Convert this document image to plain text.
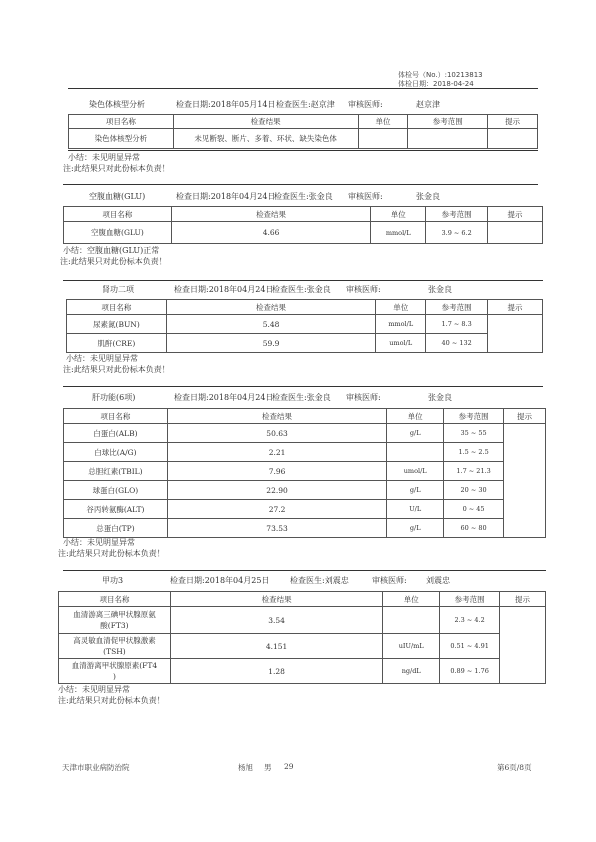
体检号（No.）:10213813
体检日期：2018-04-24
染色体核型分析	检查日期:2018年05月14日 检查医生:赵京津 审核医师:	赵京津
项目名称	检查结果	单位	参考范围	提示
染色体核型分析	未见断裂、断片、多着、环状、缺失染色体			
小结：未见明显异常
注:此结果只对此份标本负责！
空腹血糖(GLU)	检查日期:2018年04月24日
检查医生:张金良 审核医师:	张金良
项目名称	检查结果	单位	参考范围	提示
空腹血糖(GLU)	4.66	mmol/L	3.9 ~ 6.2	
小结：空腹血糖(GLU)正常
注:此结果只对此份标本负责！
肾功二项	检查日期:2018年04月24日
检查医生:张金良 审核医师:	张金良
项目名称	检查结果	单位	参考范围	提示
尿素氮(BUN)	5.48	mmol/L	1.7 ~ 8.3	
肌酐(CRE)	59.9	umol/L	40 ~ 132	
小结：未见明显异常
注:此结果只对此份标本负责！
肝功能(6项)	检查日期:2018年04月24日
检查医生:张金良 审核医师:	张金良
项目名称	检查结果	单位	参考范围	提示
白蛋白(ALB)	50.63	g/L	35 ~ 55	
白球比(A/G)	2.21		1.5 ~ 2.5	
总胆红素(TBIL)	7.96	umol/L	1.7 ~ 21.3	
球蛋白(GLO)	22.90	g/L	20 ~ 30	
谷丙转氨酶(ALT)	27.2	U/L	0 ~ 45	
总蛋白(TP)	73.53	g/L	60 ~ 80	
小结：未见明显异常
注:此结果只对此份标本负责！
甲功3	检查日期:2018年04月25日	检查医生:刘震忠	审核医师: 刘震忠
项目名称	检查结果	单位	参考范围	提示

血清游离三碘甲状腺原氨
酸(FT3)	3.54		2.3 ~ 4.2	

高灵敏血清促甲状腺激素
(TSH)	4.151	uIU/mL	0.51 ~ 4.91	

血清游离甲状腺原素(FT4
)	1.28	ng/dL	0.89 ~ 1.76	
小结：未见明显异常
注:此结果只对此份标本负责！
天津市职业病防治院	杨旭 男 29	第6页/8页
